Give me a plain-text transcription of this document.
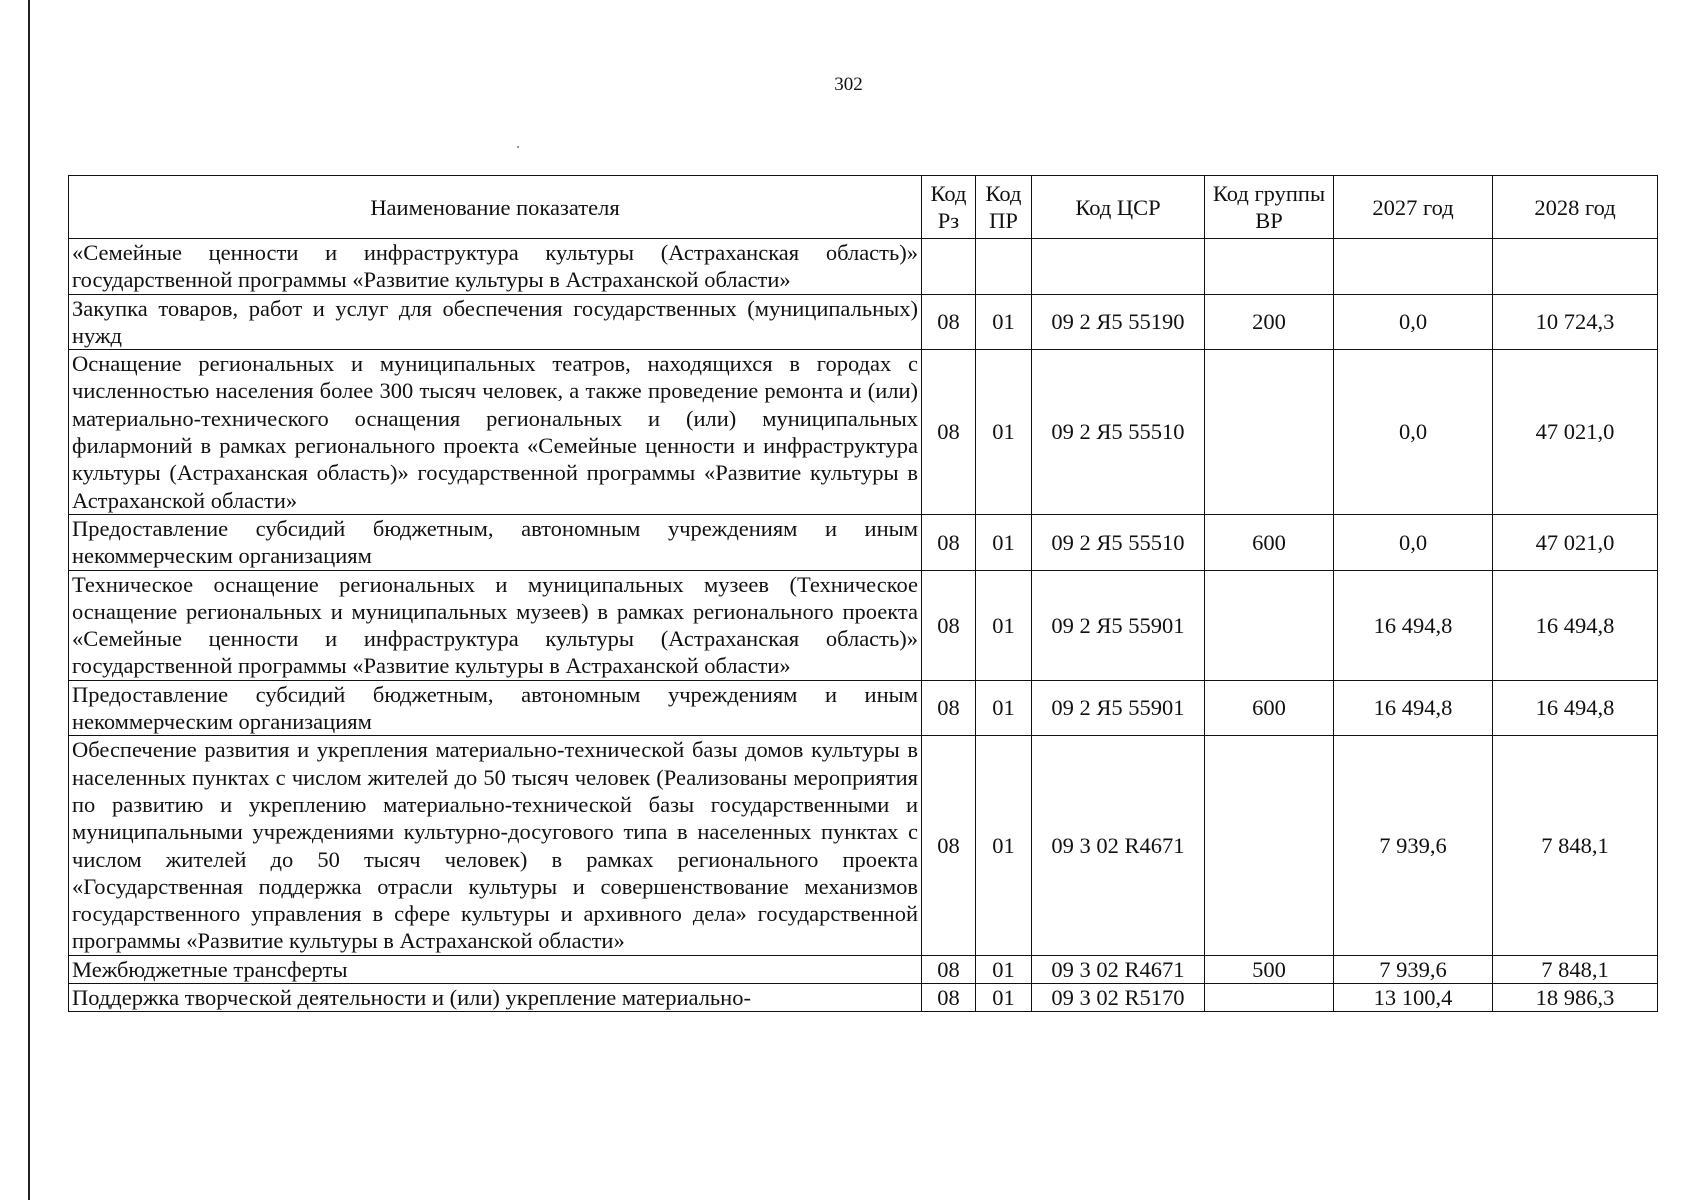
302
Наименование показателя	Код Рз	Код ПР	Код ЦСР	Код группы ВР	2027 год	2028 год
«Семейные ценности и инфраструктура культуры (Астраханская область)» государственной программы «Развитие культуры в Астраханской области»						
Закупка товаров, работ и услуг для обеспечения государственных (муниципальных) нужд	08	01	09 2 Я5 55190	200	0,0	10 724,3
Оснащение региональных и муниципальных театров, находящихся в городах с численностью населения более 300 тысяч человек, а также проведение ремонта и (или) материально-технического оснащения региональных и (или) муниципальных филармоний в рамках регионального проекта «Семейные ценности и инфраструктура культуры (Астраханская область)» государственной программы «Развитие культуры в Астраханской области»	08	01	09 2 Я5 55510		0,0	47 021,0
Предоставление субсидий бюджетным, автономным учреждениям и иным некоммерческим организациям	08	01	09 2 Я5 55510	600	0,0	47 021,0
Техническое оснащение региональных и муниципальных музеев (Техническое оснащение региональных и муниципальных музеев) в рамках регионального проекта «Семейные ценности и инфраструктура культуры (Астраханская область)» государственной программы «Развитие культуры в Астраханской области»	08	01	09 2 Я5 55901		16 494,8	16 494,8
Предоставление субсидий бюджетным, автономным учреждениям и иным некоммерческим организациям	08	01	09 2 Я5 55901	600	16 494,8	16 494,8
Обеспечение развития и укрепления материально-технической базы домов культуры в населенных пунктах с числом жителей до 50 тысяч человек (Реализованы мероприятия по развитию и укреплению материально-технической базы государственными и муниципальными учреждениями культурно-досугового типа в населенных пунктах с числом жителей до 50 тысяч человек) в рамках регионального проекта «Государственная поддержка отрасли культуры и совершенствование механизмов государственного управления в сфере культуры и архивного дела» государственной программы «Развитие культуры в Астраханской области»	08	01	09 3 02 R4671		7 939,6	7 848,1
Межбюджетные трансферты	08	01	09 3 02 R4671	500	7 939,6	7 848,1
Поддержка творческой деятельности и (или) укрепление материально-	08	01	09 3 02 R5170		13 100,4	18 986,3
